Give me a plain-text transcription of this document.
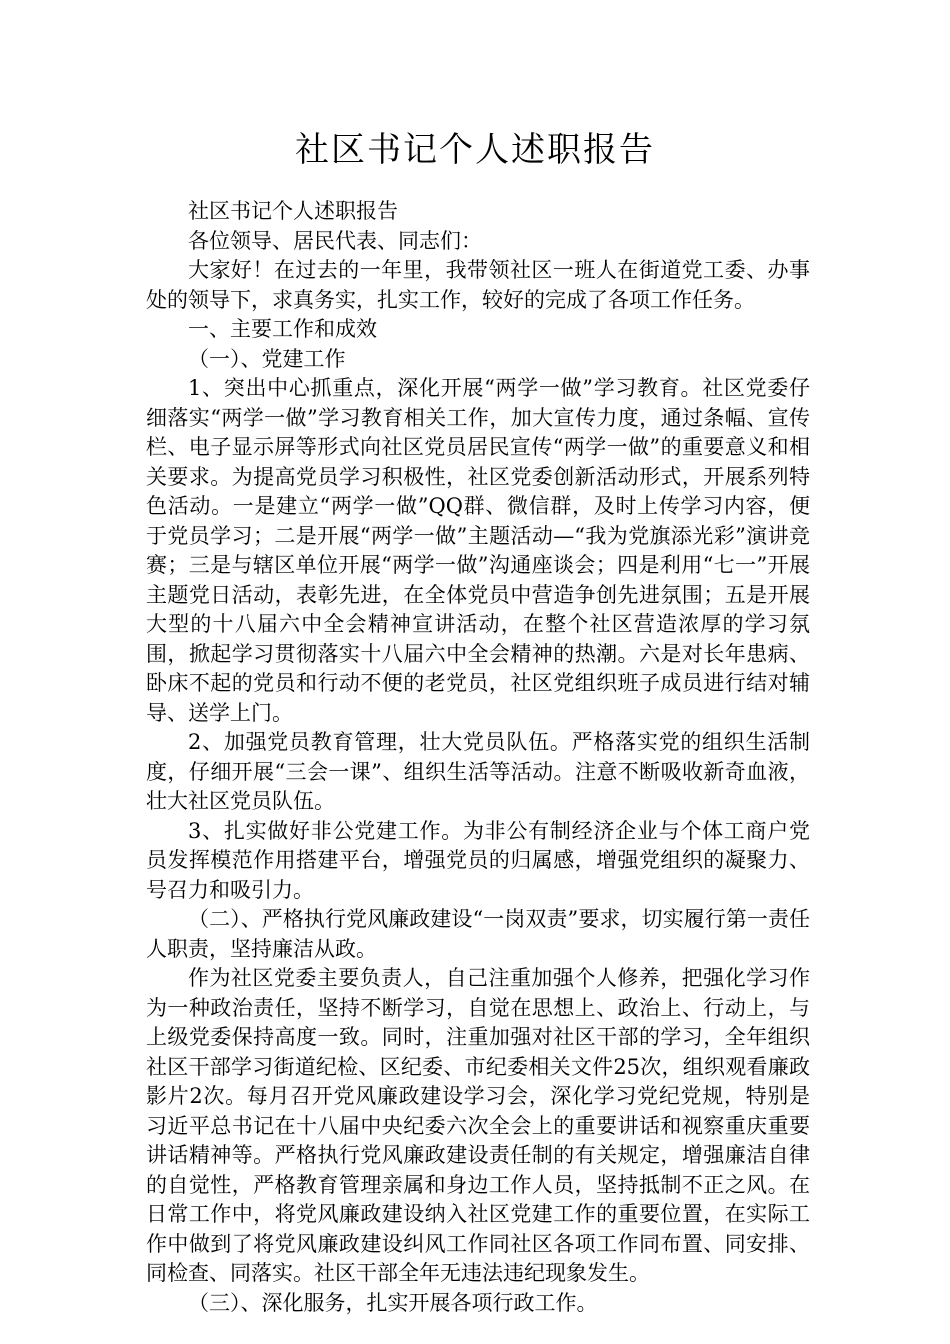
社区书记个人述职报告

社区书记个人述职报告

各位领导、居民代表、同志们：

大家好！在过去的一年里，我带领社区一班人在街道党工委、办事处的领导下，求真务实，扎实工作，较好的完成了各项工作任务。

一、主要工作和成效

（一）、党建工作

1、突出中心抓重点，深化开展“两学一做”学习教育。社区党委仔细落实“两学一做”学习教育相关工作，加大宣传力度，通过条幅、宣传栏、电子显示屏等形式向社区党员居民宣传“两学一做”的重要意义和相关要求。为提高党员学习积极性，社区党委创新活动形式，开展系列特色活动。一是建立“两学一做”QQ群、微信群，及时上传学习内容，便于党员学习；二是开展“两学一做”主题活动—“我为党旗添光彩”演讲竞赛；三是与辖区单位开展“两学一做”沟通座谈会；四是利用“七一”开展主题党日活动，表彰先进，在全体党员中营造争创先进氛围；五是开展大型的十八届六中全会精神宣讲活动，在整个社区营造浓厚的学习氛围，掀起学习贯彻落实十八届六中全会精神的热潮。六是对长年患病、卧床不起的党员和行动不便的老党员，社区党组织班子成员进行结对辅导、送学上门。

2、加强党员教育管理，壮大党员队伍。严格落实党的组织生活制度，仔细开展“三会一课”、组织生活等活动。注意不断吸收新奇血液，壮大社区党员队伍。

3、扎实做好非公党建工作。为非公有制经济企业与个体工商户党员发挥模范作用搭建平台，增强党员的归属感，增强党组织的凝聚力、号召力和吸引力。

（二）、严格执行党风廉政建设“一岗双责”要求，切实履行第一责任人职责，坚持廉洁从政。

作为社区党委主要负责人，自己注重加强个人修养，把强化学习作为一种政治责任，坚持不断学习，自觉在思想上、政治上、行动上，与上级党委保持高度一致。同时，注重加强对社区干部的学习，全年组织社区干部学习街道纪检、区纪委、市纪委相关文件25次，组织观看廉政影片2次。每月召开党风廉政建设学习会，深化学习党纪党规，特别是习近平总书记在十八届中央纪委六次全会上的重要讲话和视察重庆重要讲话精神等。严格执行党风廉政建设责任制的有关规定，增强廉洁自律的自觉性，严格教育管理亲属和身边工作人员，坚持抵制不正之风。在日常工作中，将党风廉政建设纳入社区党建工作的重要位置，在实际工作中做到了将党风廉政建设纠风工作同社区各项工作同布置、同安排、同检查、同落实。社区干部全年无违法违纪现象发生。

（三）、深化服务，扎实开展各项行政工作。
